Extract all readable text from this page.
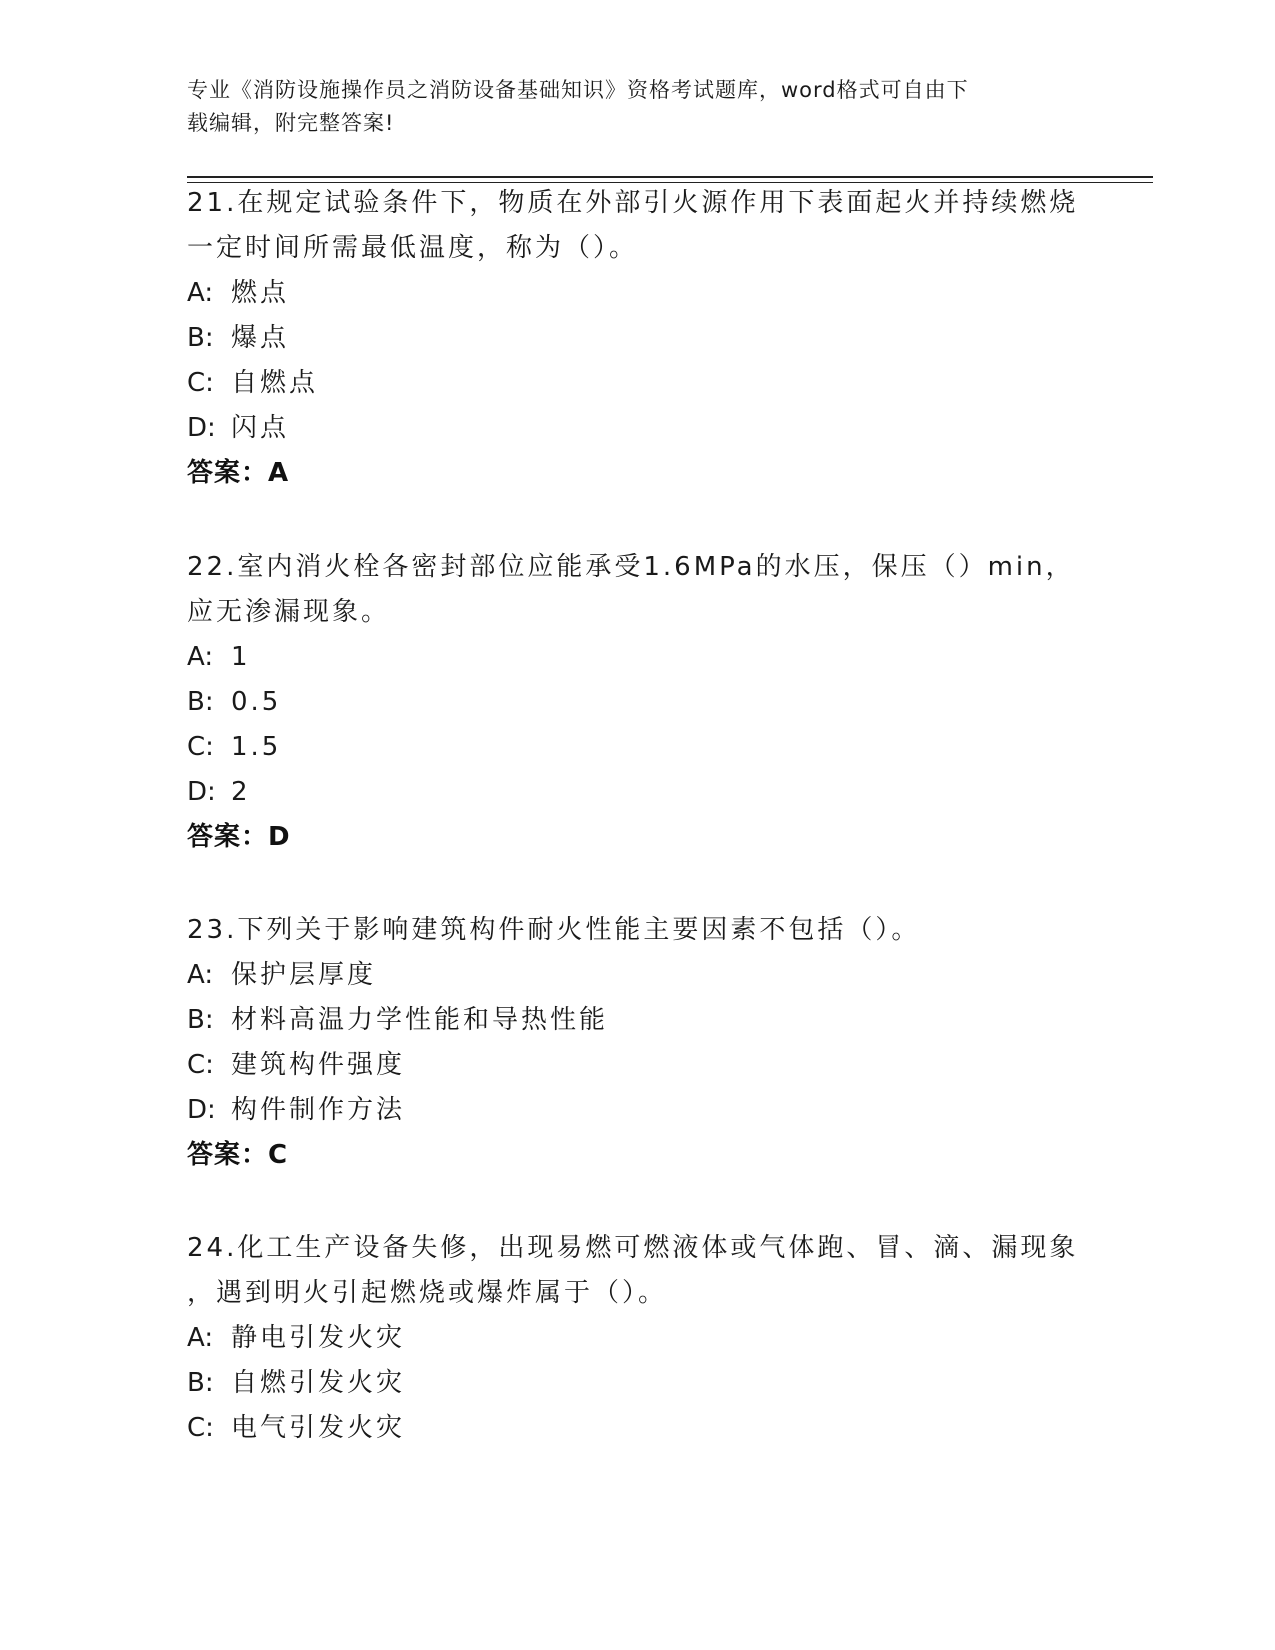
专业《消防设施操作员之消防设备基础知识》资格考试题库，word格式可自由下
载编辑，附完整答案!

21.在规定试验条件下，物质在外部引火源作用下表面起火并持续燃烧

一定时间所需最低温度，称为（）。

A: 燃点

B: 爆点

C: 自燃点

D: 闪点

答案：A

22.室内消火栓各密封部位应能承受1.6MPa的水压，保压（）min，

应无渗漏现象。

A: 1

B: 0.5

C: 1.5

D: 2

答案：D

23.下列关于影响建筑构件耐火性能主要因素不包括（）。

A: 保护层厚度

B: 材料高温力学性能和导热性能

C: 建筑构件强度

D: 构件制作方法

答案：C

24.化工生产设备失修，出现易燃可燃液体或气体跑、冒、滴、漏现象

，遇到明火引起燃烧或爆炸属于（）。

A: 静电引发火灾

B: 自燃引发火灾

C: 电气引发火灾
